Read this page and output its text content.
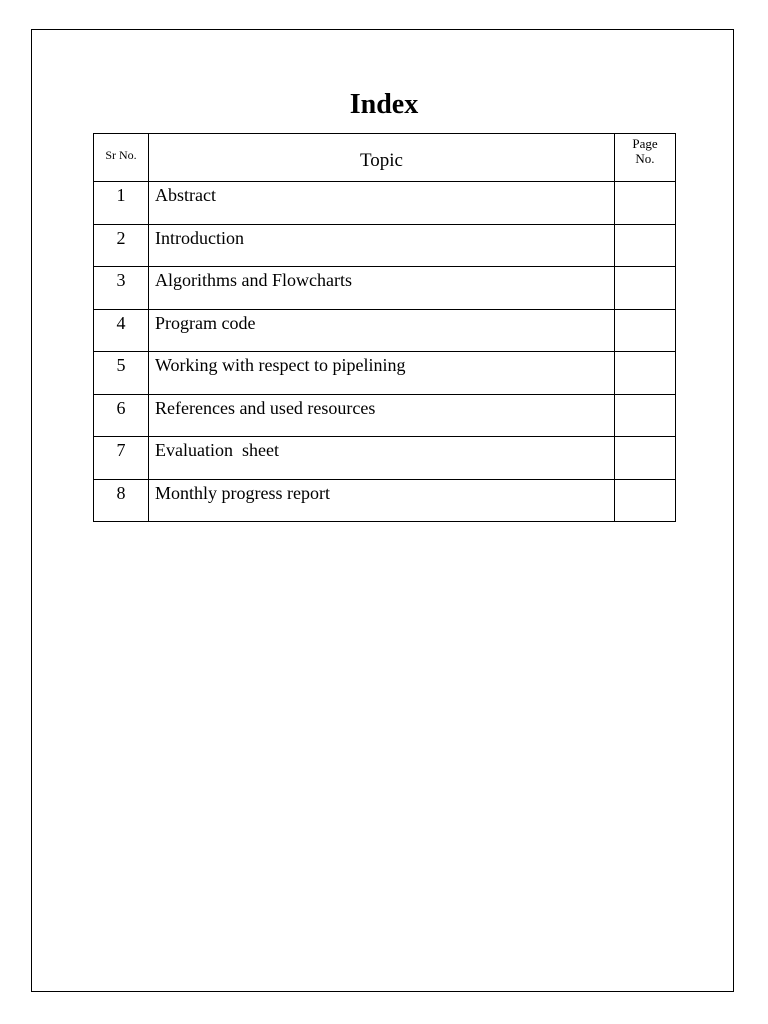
Index
Sr No.	Topic	Page
No.

1	Abstract	
2	Introduction	
3	Algorithms and Flowcharts	
4	Program code	
5	Working with respect to pipelining	
6	References and used resources	
7	Evaluation  sheet	
8	Monthly progress report	
